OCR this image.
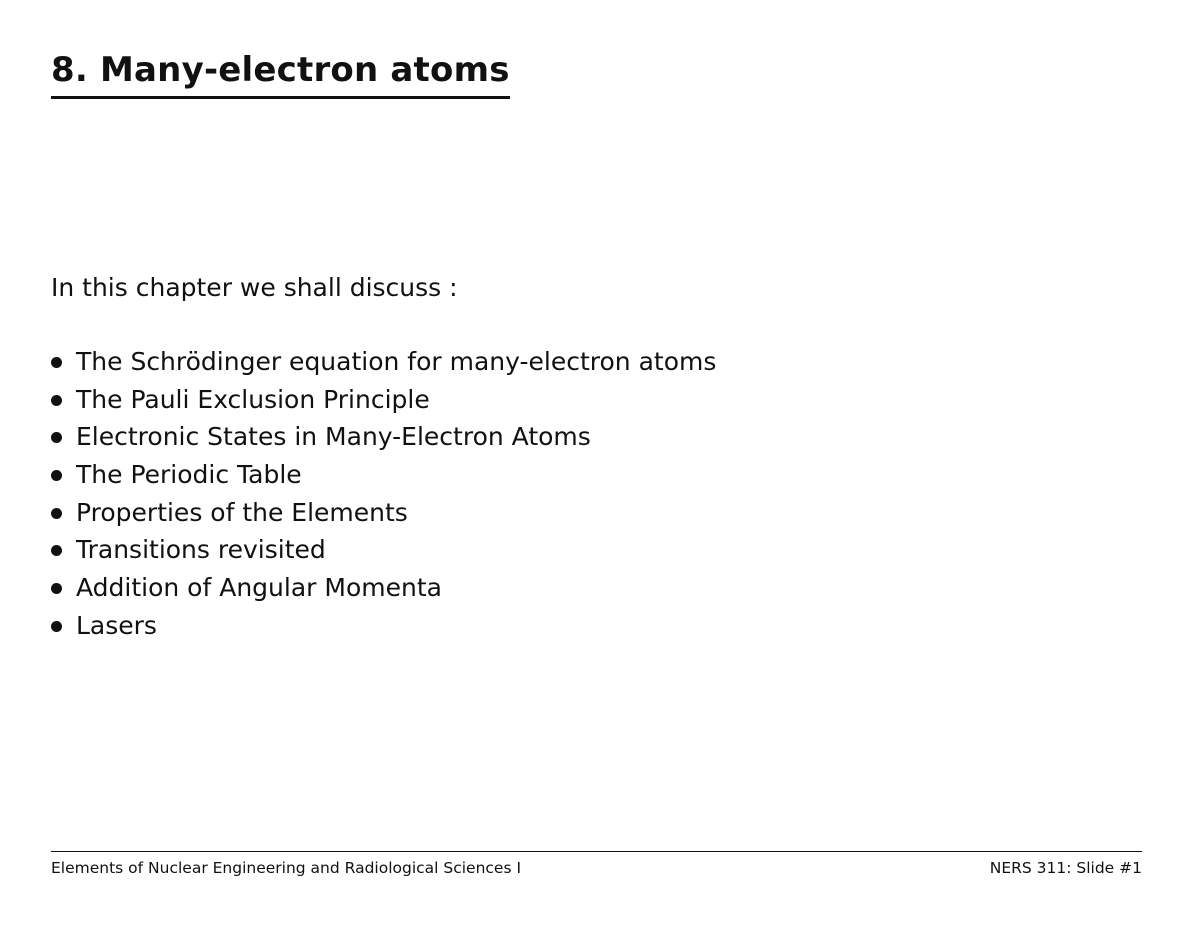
8. Many-electron atoms

In this chapter we shall discuss :

The Schrödinger equation for many-electron atoms
The Pauli Exclusion Principle
Electronic States in Many-Electron Atoms
The Periodic Table
Properties of the Elements
Transitions revisited
Addition of Angular Momenta
Lasers
Elements of Nuclear Engineering and Radiological Sciences I	NERS 311: Slide #1
